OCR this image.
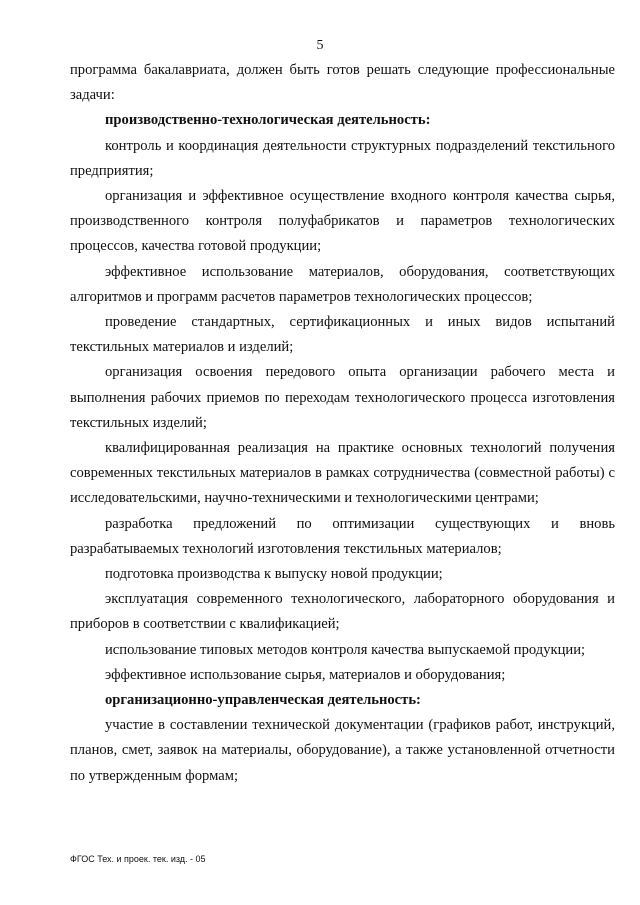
5

программа бакалавриата, должен быть готов решать следующие профессиональные задачи:

производственно-технологическая деятельность:

контроль и координация деятельности структурных подразделений текстильного предприятия;

организация и эффективное осуществление входного контроля качества сырья, производственного контроля полуфабрикатов и параметров технологических процессов, качества готовой продукции;

эффективное использование материалов, оборудования, соответствующих алгоритмов и программ расчетов параметров технологических процессов;

проведение стандартных, сертификационных и иных видов испытаний текстильных материалов и изделий;

организация освоения передового опыта организации рабочего места и выполнения рабочих приемов по переходам технологического процесса изготовления текстильных изделий;

квалифицированная реализация на практике основных технологий получения современных текстильных материалов в рамках сотрудничества (совместной работы) с исследовательскими, научно-техническими и технологическими центрами;

разработка предложений по оптимизации существующих и вновь разрабатываемых технологий изготовления текстильных материалов;

подготовка производства к выпуску новой продукции;

эксплуатация современного технологического, лабораторного оборудования и приборов в соответствии с квалификацией;

использование типовых методов контроля качества выпускаемой продукции;

эффективное использование сырья, материалов и оборудования;

организационно-управленческая деятельность:

участие в составлении технической документации (графиков работ, инструкций, планов, смет, заявок на материалы, оборудование), а также установленной отчетности по утвержденным формам;

ФГОС Тех. и проек. тек. изд. - 05
